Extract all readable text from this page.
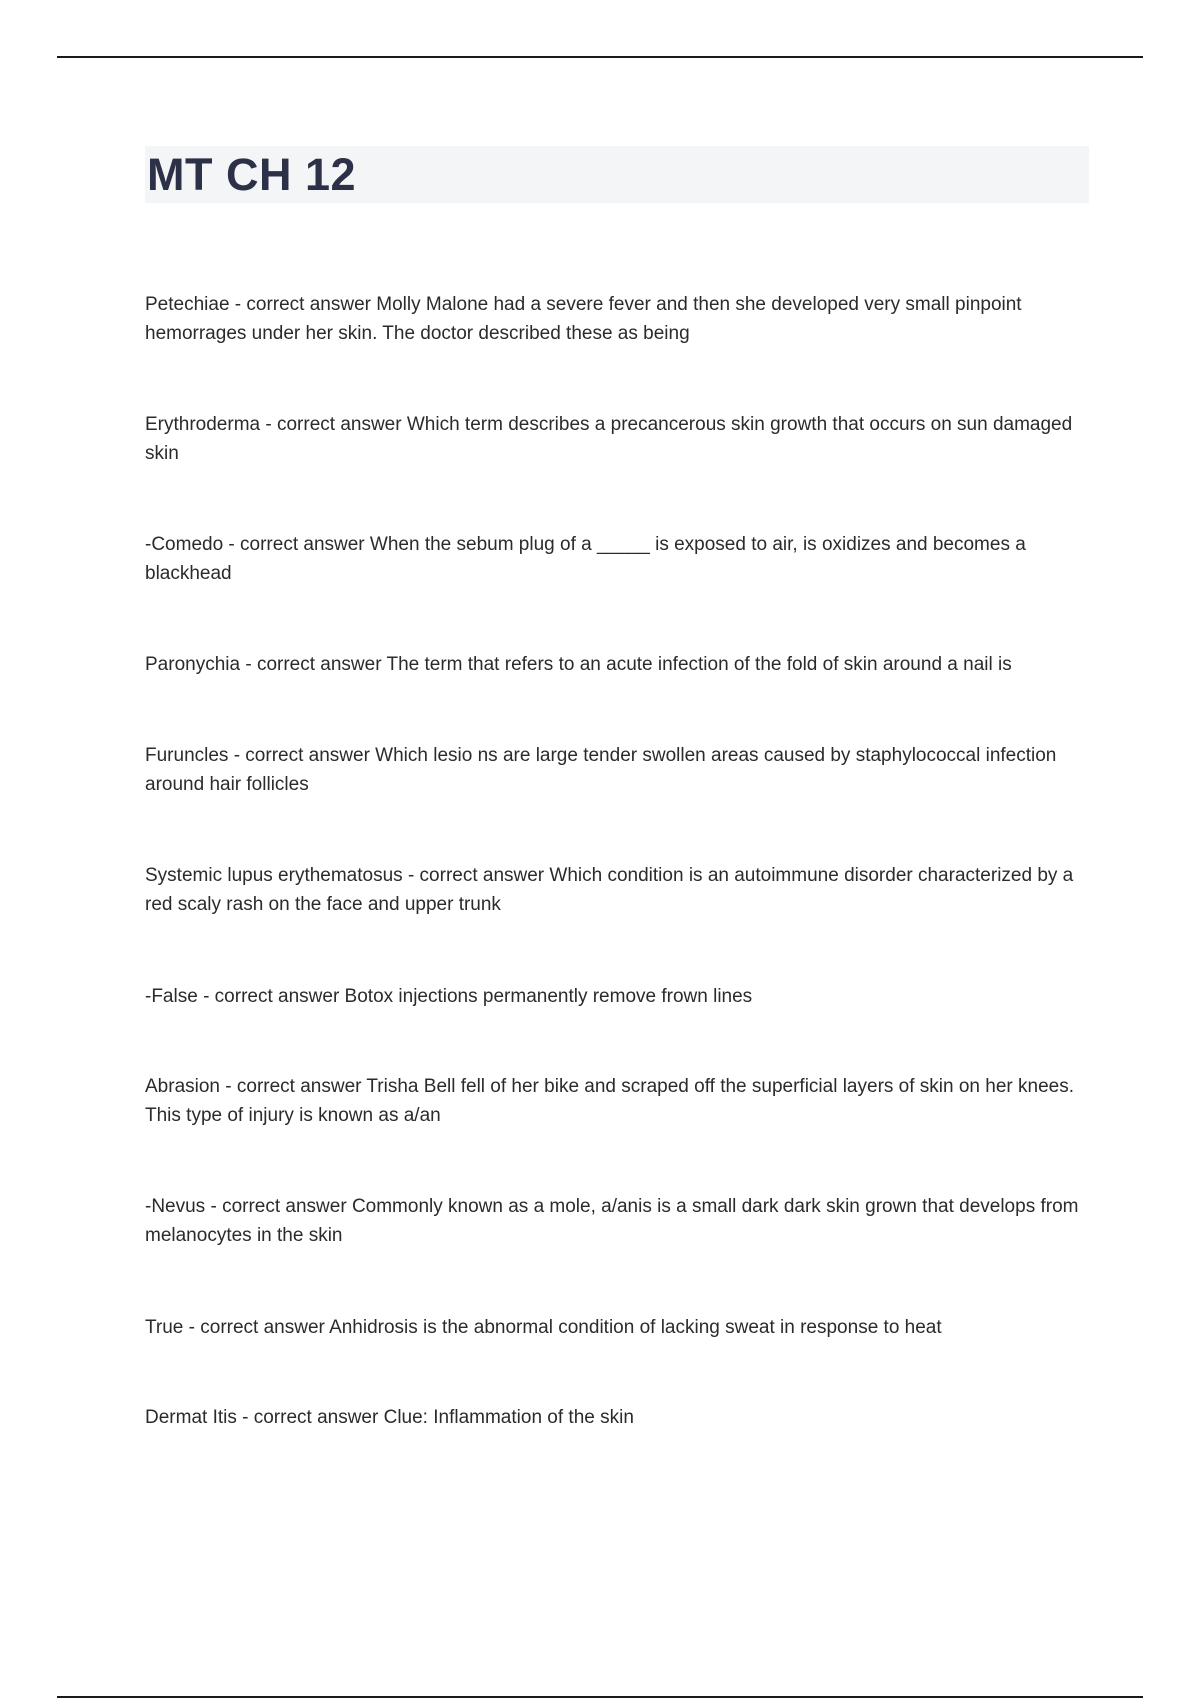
MT CH 12

Petechiae - correct answer Molly Malone had a severe fever and then she developed very small pinpoint hemorrages under her skin. The doctor described these as being

Erythroderma - correct answer Which term describes a precancerous skin growth that occurs on sun damaged skin

-Comedo - correct answer When the sebum plug of a _____ is exposed to air, is oxidizes and becomes a blackhead

Paronychia - correct answer The term that refers to an acute infection of the fold of skin around a nail is

Furuncles - correct answer Which lesio ns are large tender swollen areas caused by staphylococcal infection around hair follicles

Systemic lupus erythematosus - correct answer Which condition is an autoimmune disorder characterized by a red scaly rash on the face and upper trunk

-False - correct answer Botox injections permanently remove frown lines

Abrasion - correct answer Trisha Bell fell of her bike and scraped off the superficial layers of skin on her knees. This type of injury is known as a/an

-Nevus - correct answer Commonly known as a mole, a/anis is a small dark dark skin grown that develops from melanocytes in the skin

True - correct answer Anhidrosis is the abnormal condition of lacking sweat in response to heat

Dermat Itis - correct answer Clue: Inflammation of the skin
